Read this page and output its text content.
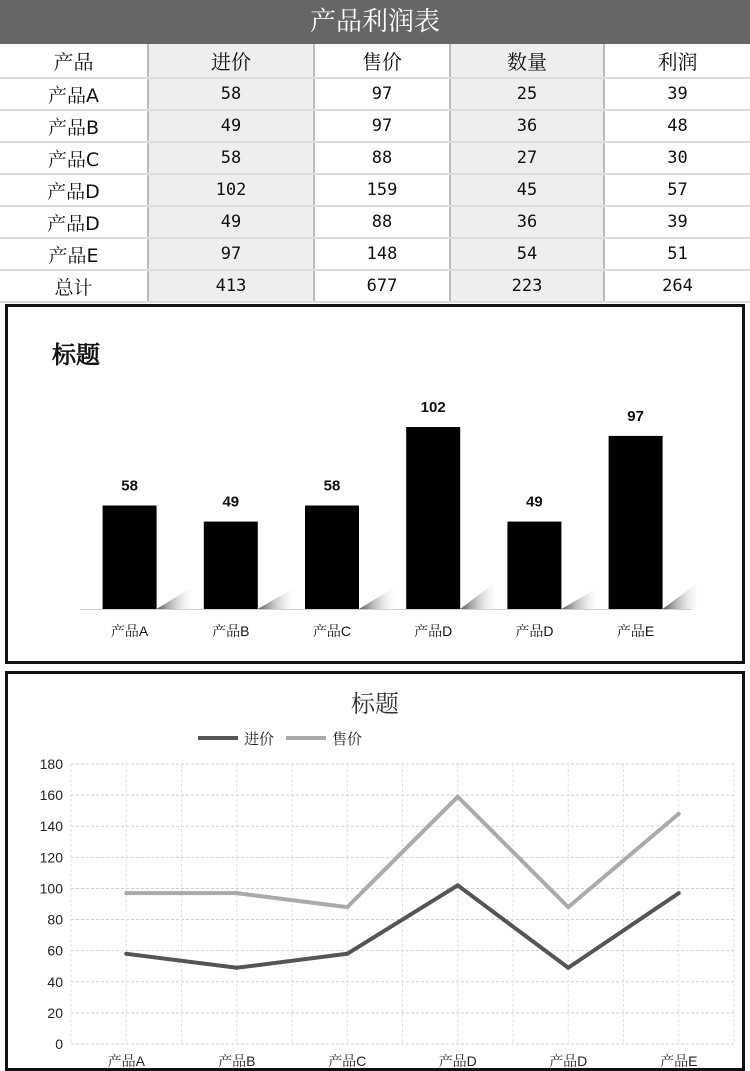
产品利润表
产品	进价	售价	数量	利润
产品A	58	97	25	39
产品B	49	97	36	48
产品C	58	88	27	30
产品D	102	159	45	57
产品D	49	88	36	39
产品E	97	148	54	51
总计	413	677	223	264
标题
58
产品A
49
产品B
58
产品C
102
产品D
49
产品D
97
产品E
标题
进价	售价
0
20
40
60
80
100
120
140
160
180
产品A	产品B	产品C	产品D	产品D	产品E
